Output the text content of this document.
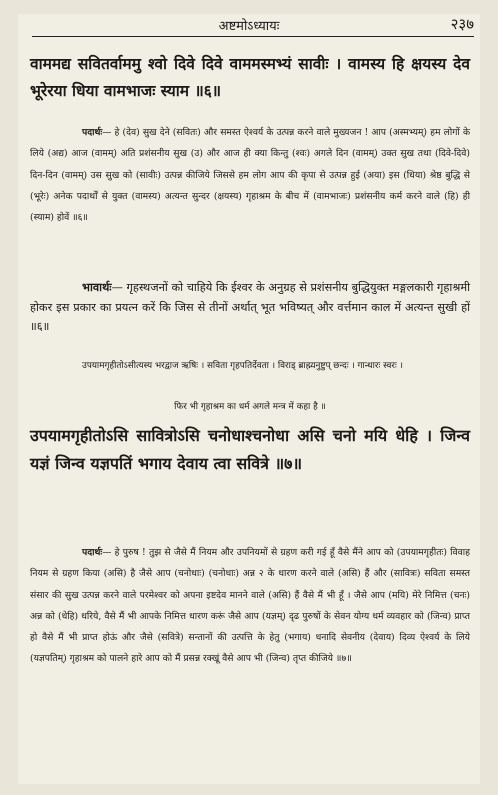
अष्टमोऽध्यायः	२३७
वाममद्य सवितर्वाममु श्वो दिवे दिवे वाममस्मभ्यं सावीः । वामस्य हि क्षयस्य देव भूरेरया धिया वामभाजः स्याम ॥६॥
पदार्थः— हे (देव) सुख देने (सवितः) और समस्त ऐश्वर्य के उत्पन्न करने वाले मुख्यजन ! आप (अस्मभ्यम्) हम लोगों के लिये (अद्य) आज (वामम्) अति प्रशंसनीय सुख (उ) और आज ही क्या किन्तु (श्वः) अगले दिन (वामम्) उक्त सुख तथा (दिवे-दिवे) दिन-दिन (वामम्) उस सुख को (सावीः) उत्पन्न कीजिये जिससे हम लोग आप की कृपा से उत्पन्न हुई (अया) इस (धिया) श्रेष्ठ बुद्धि से (भूरेः) अनेक पदार्थों से युक्त (वामस्य) अत्यन्त सुन्दर (क्षयस्य) गृहाश्रम के बीच में (वामभाजः) प्रशंसनीय कर्म करने वाले (हि) ही (स्याम) होवें ॥६॥
भावार्थः— गृहस्थजनों को चाहिये कि ईश्वर के अनुग्रह से प्रशंसनीय बुद्धियुक्त मङ्गलकारी गृहाश्रमी होकर इस प्रकार का प्रयत्न करें कि जिस से तीनों अर्थात् भूत भविष्यत् और वर्त्तमान काल में अत्यन्त सुखी हों ॥६॥
उपयामगृहीतोऽसीत्यस्य भरद्वाज ऋषिः । सविता गृहपतिर्देवता । विराड् ब्राह्म्यनुष्टुप् छन्दः । गान्धारः स्वरः ।
फिर भी गृहाश्रम का धर्म अगले मन्त्र में कहा है ॥
उपयामगृहीतोऽसि सावित्रोऽसि चनोधाश्चनोधा असि चनो मयि धेहि । जिन्व यज्ञं जिन्व यज्ञपतिं भगाय देवाय त्वा सवित्रे ॥७॥
पदार्थः— हे पुरुष ! तुझ से जैसे मैं नियम और उपनियमों से ग्रहण करी गई हूँ वैसे मैंने आप को (उपयामगृहीतः) विवाह नियम से ग्रहण किया (असि) है जैसे आप (चनोधाः) (चनोधाः) अन्न २ के धारण करने वाले (असि) हैं और (सावित्रः) सविता समस्त संसार की सुख उत्पन्न करने वाले परमेश्वर को अपना इष्टदेव मानने वाले (असि) हैं वैसे मैं भी हूँ । जैसे आप (मयि) मेरे निमित्त (चनः) अन्न को (धेहि) धरिये, वैसे मैं भी आपके निमित्त धारण करूं जैसे आप (यज्ञम्) दृढ पुरुषों के सेवन योग्य धर्म व्यवहार को (जिन्व) प्राप्त हो वैसे मैं भी प्राप्त होऊं और जैसे (सवित्रे) सन्तानों की उत्पत्ति के हेतु (भगाय) धनादि सेवनीय (देवाय) दिव्य ऐश्वर्य के लिये (यज्ञपतिम्) गृहाश्रम को पालने हारे आप को मैं प्रसन्न रक्खूं वैसे आप भी (जिन्व) तृप्त कीजिये ॥७॥
